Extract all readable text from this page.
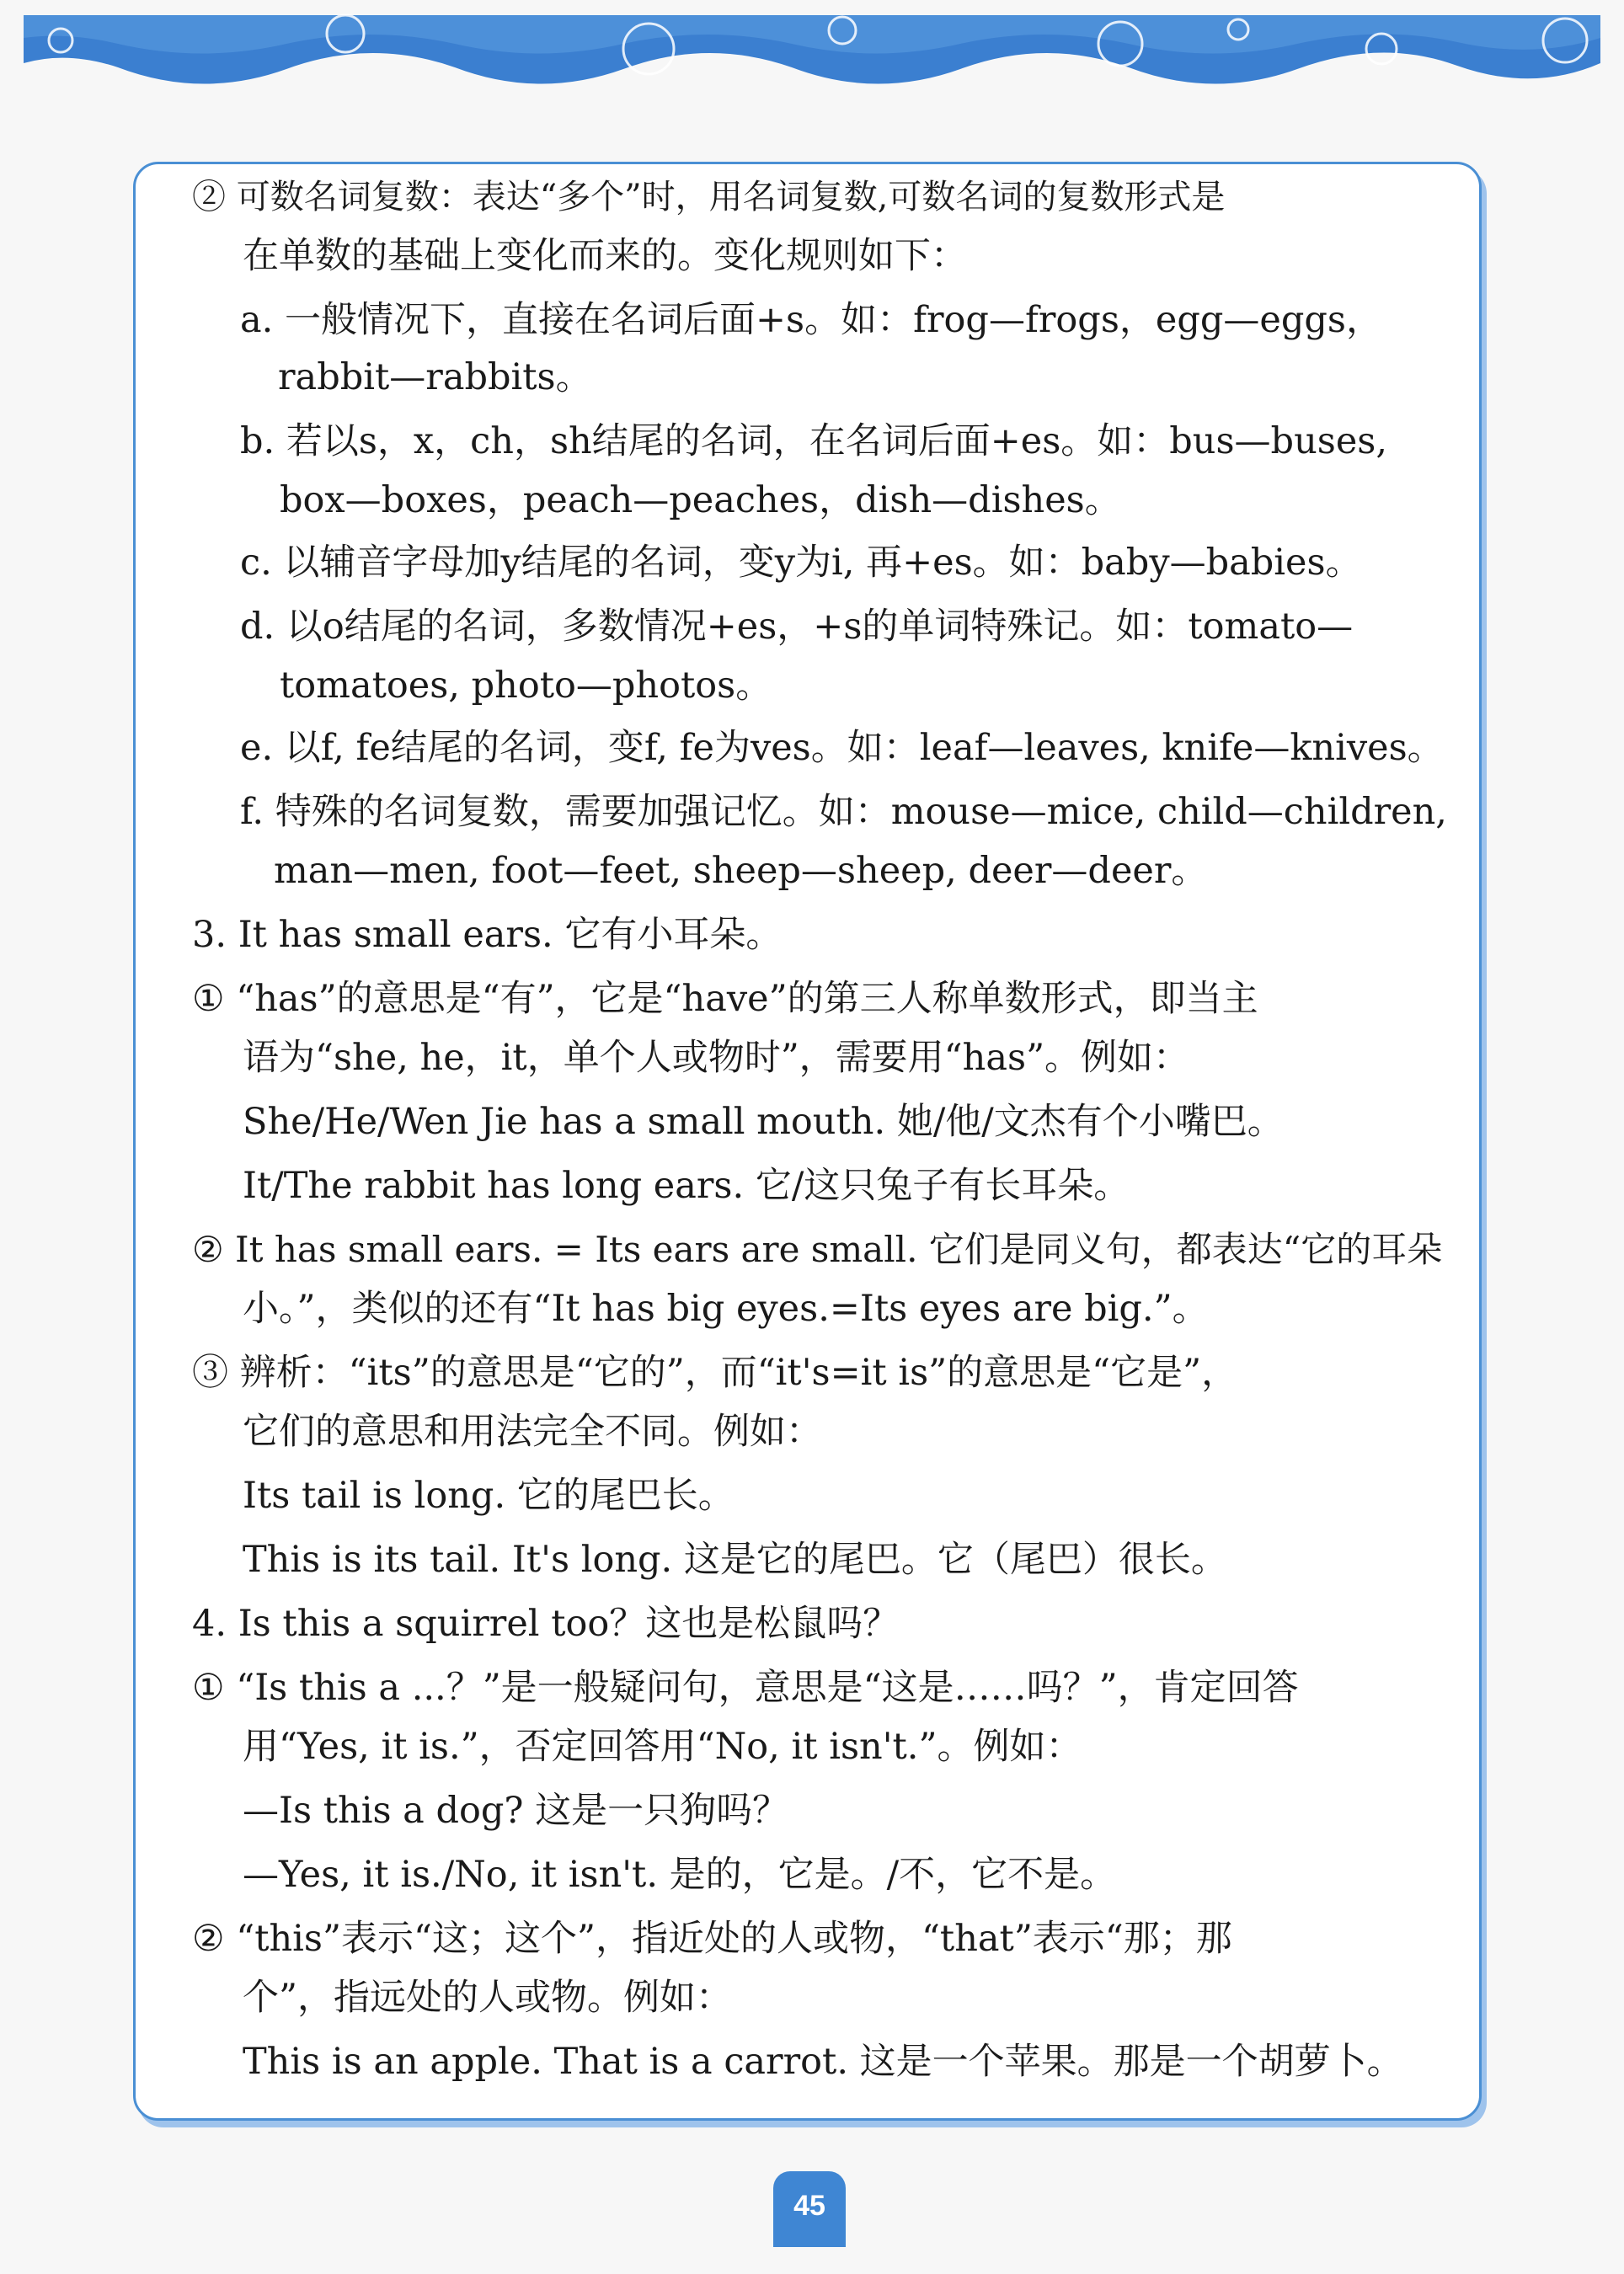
② 可数名词复数：表达“多个”时，用名词复数,可数名词的复数形式是
在单数的基础上变化而来的。变化规则如下：
a. 一般情况下，直接在名词后面+s。如：frog—frogs，egg—eggs，
rabbit—rabbits。
b. 若以s，x，ch，sh结尾的名词，在名词后面+es。如：bus—buses,
box—boxes，peach—peaches，dish—dishes。
c. 以辅音字母加y结尾的名词，变y为i, 再+es。如：baby—babies。
d. 以o结尾的名词，多数情况+es，+s的单词特殊记。如：tomato—
tomatoes, photo—photos。
e. 以f, fe结尾的名词，变f, fe为ves。如：leaf—leaves, knife—knives。
f. 特殊的名词复数，需要加强记忆。如：mouse—mice, child—children,
man—men, foot—feet, sheep—sheep, deer—deer。
3. It has small ears. 它有小耳朵。
① “has”的意思是“有”，它是“have”的第三人称单数形式，即当主
语为“she, he，it，单个人或物时”，需要用“has”。例如：
She/He/Wen Jie has a small mouth. 她/他/文杰有个小嘴巴。
It/The rabbit has long ears. 它/这只兔子有长耳朵。
② It has small ears. = Its ears are small. 它们是同义句，都表达“它的耳朵
小。”，类似的还有“It has big eyes.=Its eyes are big.”。
③ 辨析：“its”的意思是“它的”，而“it's=it is”的意思是“它是”，
它们的意思和用法完全不同。例如：
Its tail is long. 它的尾巴长。
This is its tail. It's long. 这是它的尾巴。它（尾巴）很长。
4. Is this a squirrel too？这也是松鼠吗？
① “Is this a ...？”是一般疑问句，意思是“这是……吗？”，肯定回答
用“Yes, it is.”，否定回答用“No, it isn't.”。例如：
—Is this a dog? 这是一只狗吗？
—Yes, it is./No, it isn't. 是的，它是。/不，它不是。
② “this”表示“这；这个”，指近处的人或物，“that”表示“那；那
个”，指远处的人或物。例如：
This is an apple. That is a carrot. 这是一个苹果。那是一个胡萝卜。
45
